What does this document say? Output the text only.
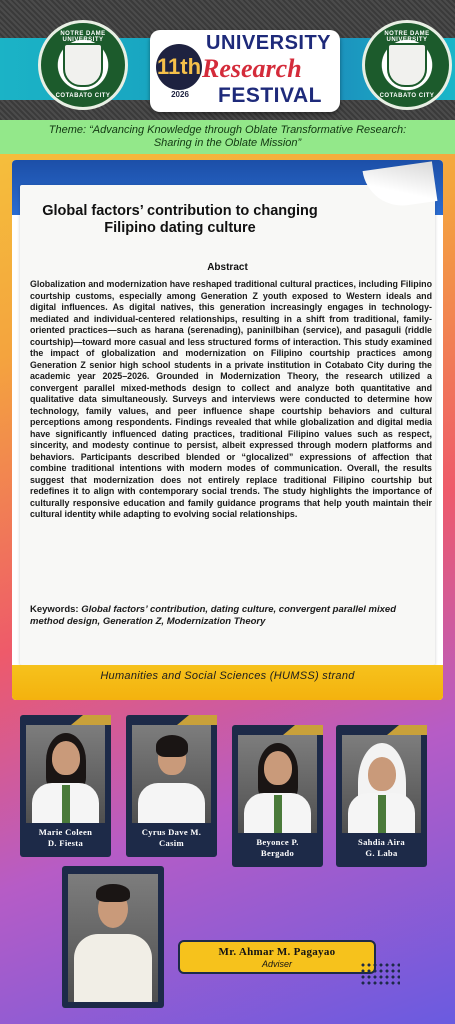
NOTRE DAME UNIVERSITY
COTABATO CITY
11th
2026
UNIVERSITY
Research
FESTIVAL
NOTRE DAME UNIVERSITY
COTABATO CITY
Theme: “Advancing Knowledge through Oblate Transformative Research: Sharing in the Oblate Mission”
Global factors’ contribution to changing Filipino dating culture
Abstract
Globalization and modernization have reshaped traditional cultural practices, including Filipino courtship customs, especially among Generation Z youth exposed to Western ideals and digital influences. As digital natives, this generation increasingly engages in technology-mediated and individual-centered relationships, resulting in a shift from traditional, family-oriented practices—such as harana (serenading), paninilbihan (service), and pasaguli (riddle courtship)—toward more casual and less structured forms of interaction. This study examined the impact of globalization and modernization on Filipino courtship practices among Generation Z senior high school students in a private institution in Cotabato City during the academic year 2025–2026. Grounded in Modernization Theory, the research utilized a convergent parallel mixed-methods design to collect and analyze both quantitative and qualitative data simultaneously. Surveys and interviews were conducted to determine how technology, family values, and peer influence shape courtship behaviors and cultural perceptions among respondents. Findings revealed that while globalization and digital media have significantly influenced dating practices, traditional Filipino values such as respect, sincerity, and modesty continue to persist, albeit expressed through modern platforms and behaviors. Participants described blended or “glocalized” expressions of affection that combine traditional intentions with modern modes of communication. Overall, the results suggest that modernization does not entirely replace traditional Filipino courtship but redefines it to align with contemporary social trends. The study highlights the importance of culturally responsive education and family guidance programs that help youth maintain their cultural identity while adapting to evolving social relationships.
Keywords: Global factors’ contribution, dating culture, convergent parallel mixed method design, Generation Z, Modernization Theory
Humanities and Social Sciences (HUMSS) strand
Marie Coleen
D. Fiesta
Cyrus Dave M.
Casim	Beyonce P.
Bergado
Sahdia Aira
G. Laba
Mr. Ahmar M. Pagayao
Adviser
